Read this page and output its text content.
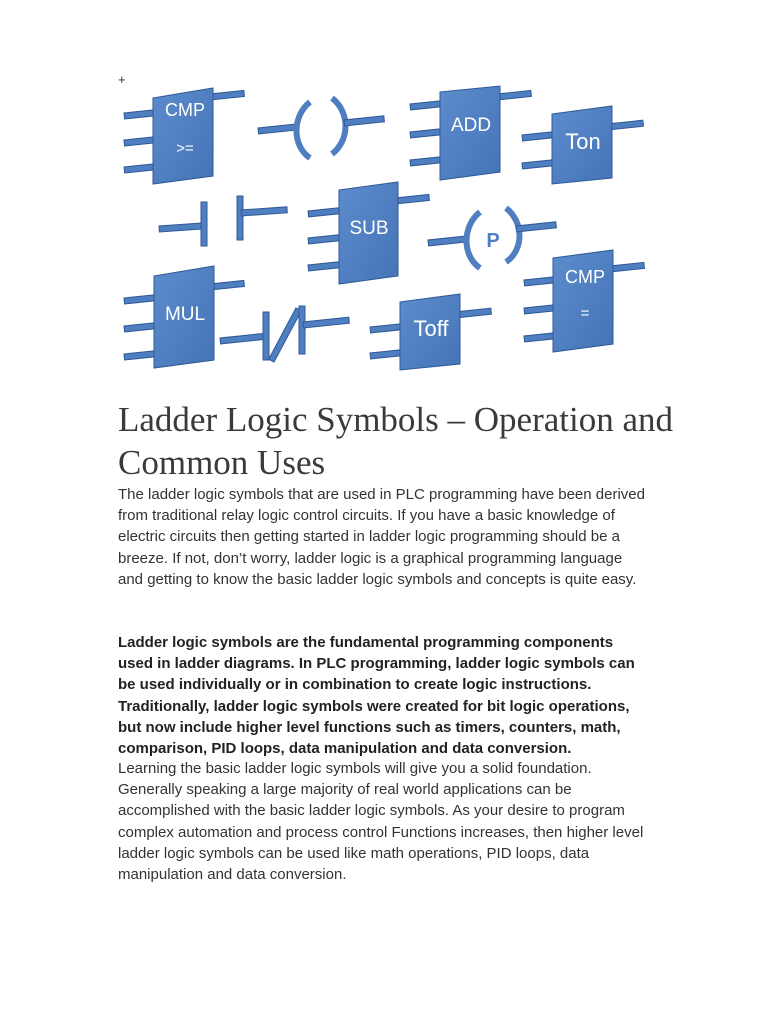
+
CMP
>=
ADD
Ton
SUB
P
CMP
=
MUL
Toff
Ladder Logic Symbols – Operation and Common Uses

The ladder logic symbols that are used in PLC programming have been derived from traditional relay logic control circuits. If you have a basic knowledge of electric circuits then getting started in ladder logic programming should be a breeze. If not, don’t worry, ladder logic is a graphical programming language and getting to know the basic ladder logic symbols and concepts is quite easy.

Ladder logic symbols are the fundamental programming components used in ladder diagrams. In PLC programming, ladder logic symbols can be used individually or in combination to create logic instructions. Traditionally, ladder logic symbols were created for bit logic operations, but now include higher level functions such as timers, counters, math, comparison, PID loops, data manipulation and data conversion.

Learning the basic ladder logic symbols will give you a solid foundation. Generally speaking a large majority of real world applications can be accomplished with the basic ladder logic symbols. As your desire to program complex automation and process control Functions increases, then higher level ladder logic symbols can be used like math operations, PID loops, data manipulation and data conversion.
